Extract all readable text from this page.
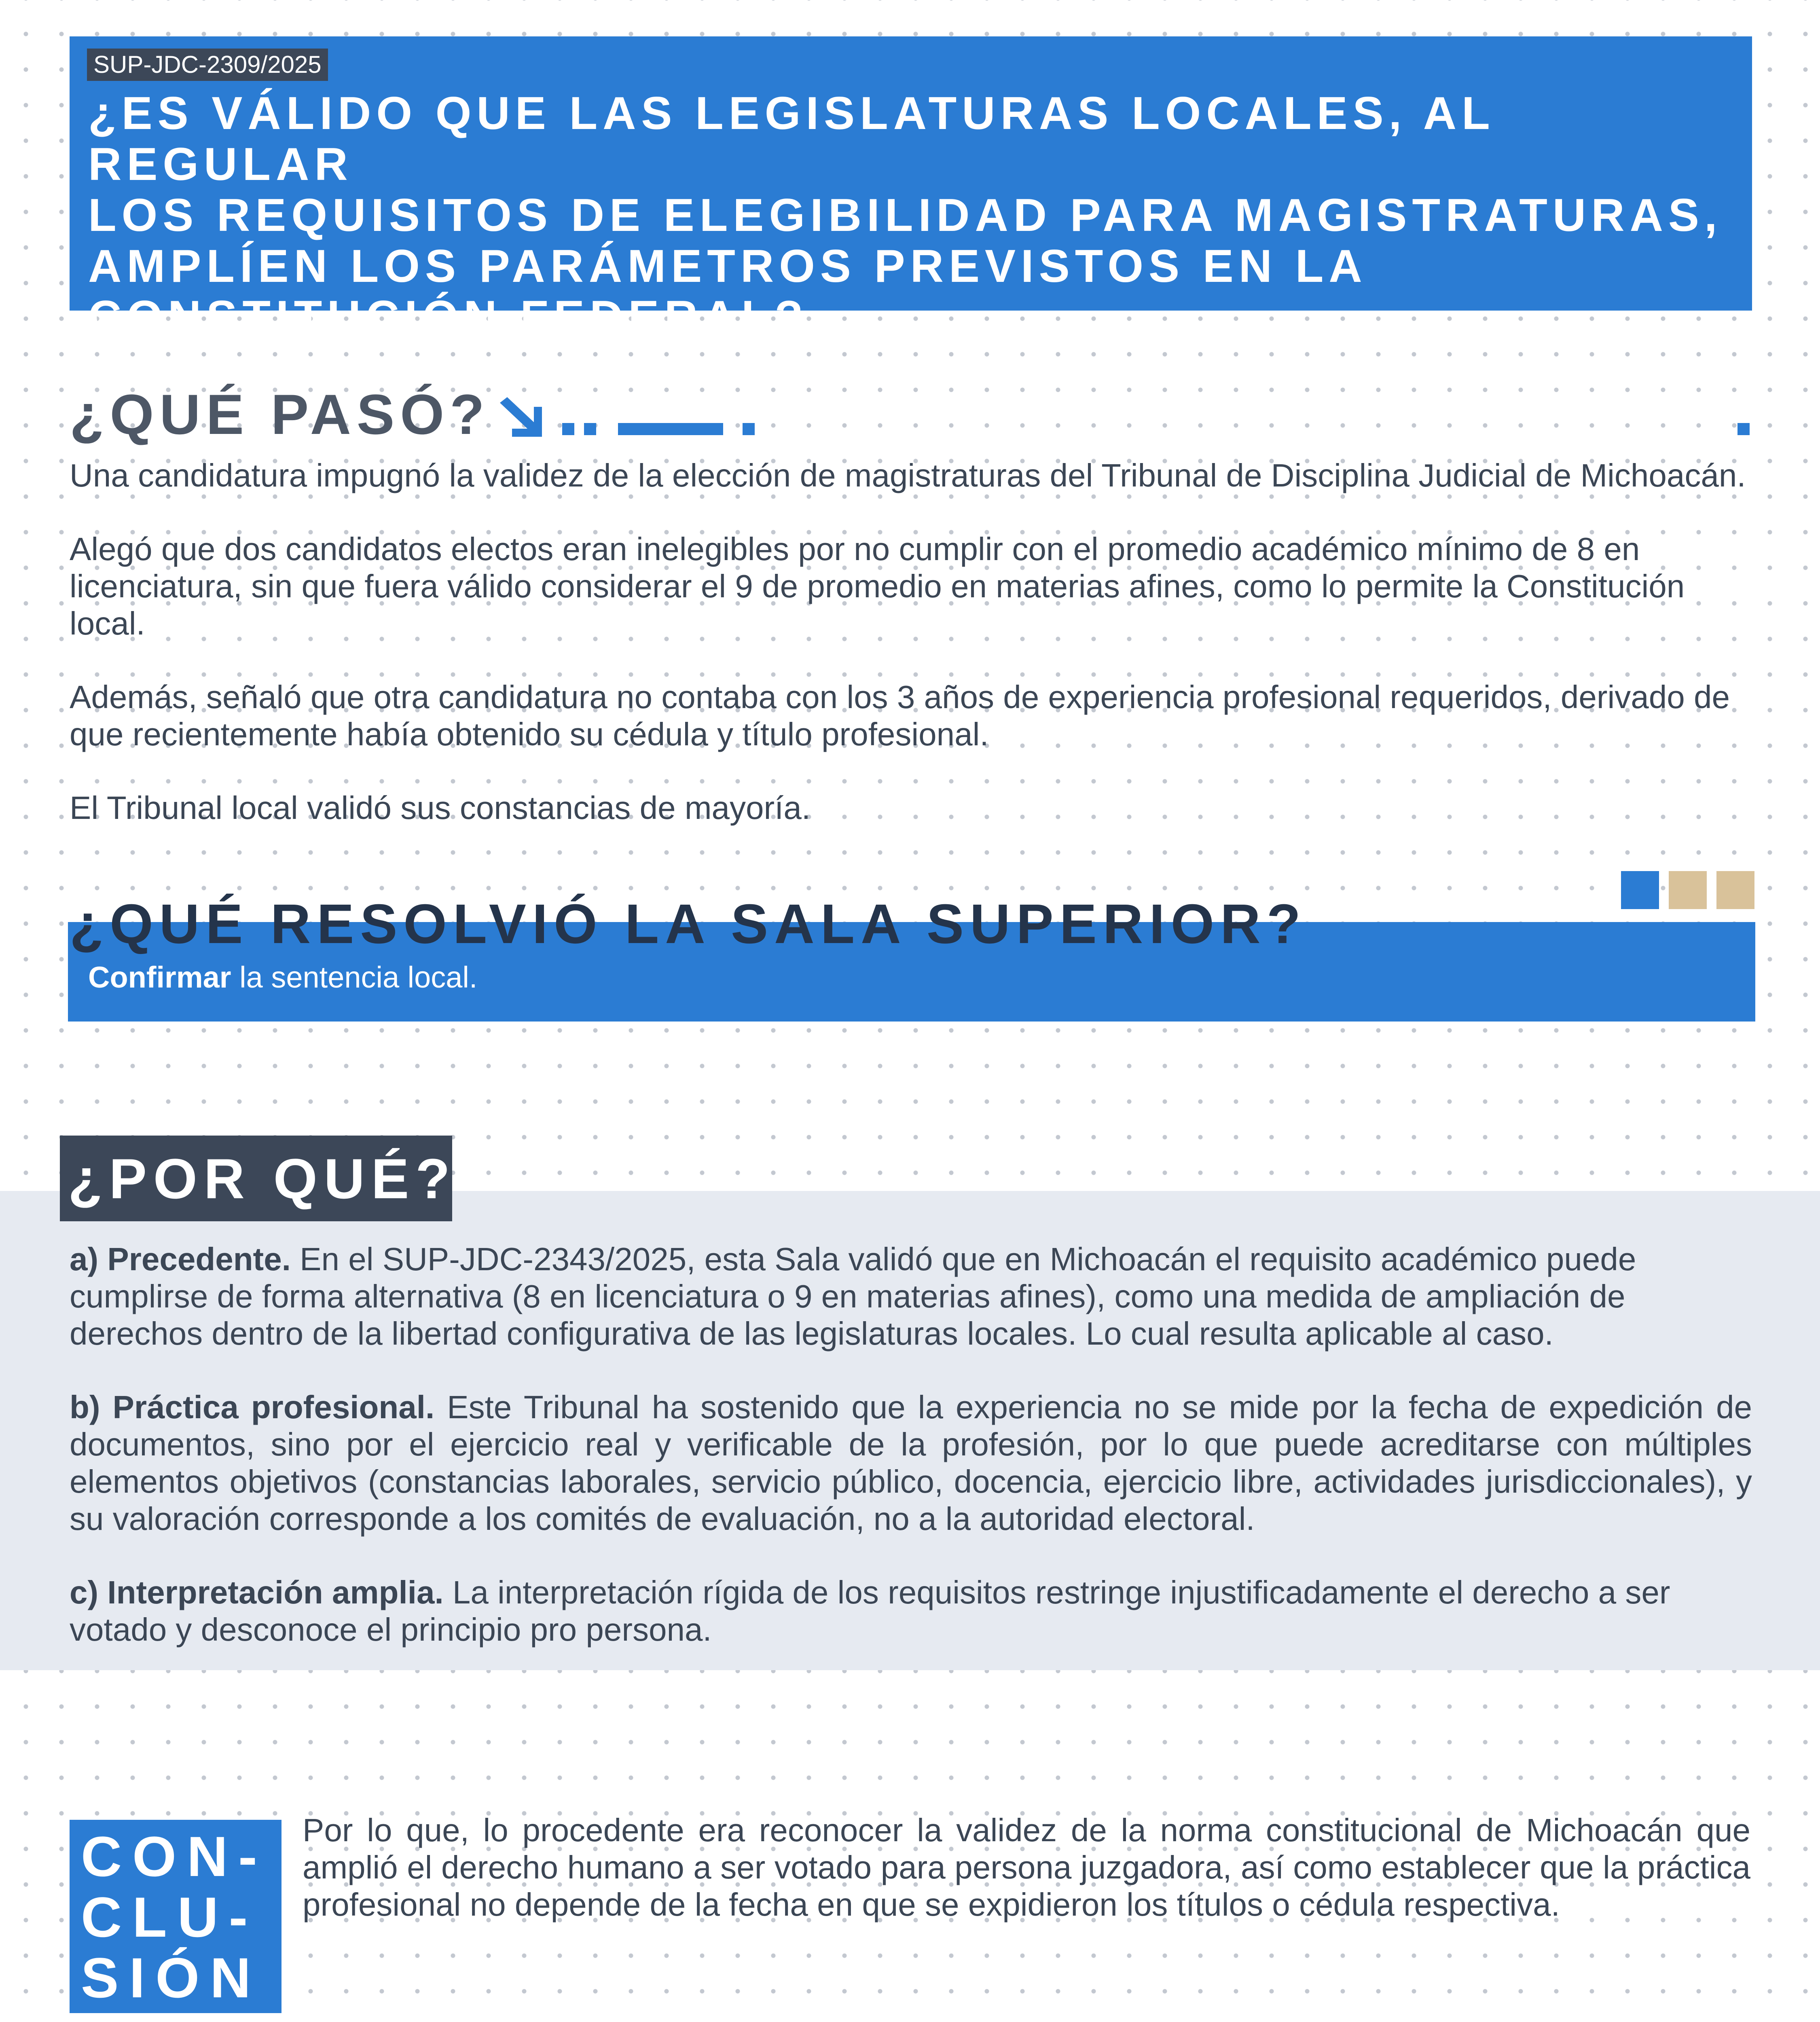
SUP-JDC-2309/2025
¿ES VÁLIDO QUE LAS LEGISLATURAS LOCALES, AL REGULAR
LOS REQUISITOS DE ELEGIBILIDAD PARA MAGISTRATURAS,
AMPLÍEN LOS PARÁMETROS PREVISTOS EN LA
CONSTITUCIÓN FEDERAL?
¿QUÉ PASÓ?

Una candidatura impugnó la validez de la elección de magistraturas del Tribunal de Disciplina Judicial de Michoacán.

Alegó que dos candidatos electos eran inelegibles por no cumplir con el promedio académico mínimo de 8 en licenciatura, sin que fuera válido considerar el 9 de promedio en materias afines, como lo permite la Constitución local.

Además, señaló que otra candidatura no contaba con los 3 años de experiencia profesional requeridos, derivado de que recientemente había obtenido su cédula y título profesional.

El Tribunal local validó sus constancias de mayoría.

¿QUÉ RESOLVIÓ LA SALA SUPERIOR?
Confirmar la sentencia local.
¿POR QUÉ?

a) Precedente. En el SUP-JDC-2343/2025, esta Sala validó que en Michoacán el requisito académico puede cumplirse de forma alternativa (8 en licenciatura o 9 en materias afines), como una medida de ampliación de derechos dentro de la libertad configurativa de las legislaturas locales. Lo cual resulta aplicable al caso.

b) Práctica profesional. Este Tribunal ha sostenido que la experiencia no se mide por la fecha de expedición de documentos, sino por el ejercicio real y verificable de la profesión, por lo que puede acreditarse con múltiples elementos objetivos (constancias laborales, servicio público, docencia, ejercicio libre, actividades jurisdiccionales), y su valoración corresponde a los comités de evaluación, no a la autoridad electoral.

c) Interpretación amplia. La interpretación rígida de los requisitos restringe injustificadamente el derecho a ser votado y desconoce el principio pro persona.

CON-

CLU-

SIÓN

Por lo que, lo procedente era reconocer la validez de la norma constitucional de Michoacán que amplió el derecho humano a ser votado para persona juzgadora, así como establecer que la práctica profesional no depende de la fecha en que se expidieron los títulos o cédula respectiva.
